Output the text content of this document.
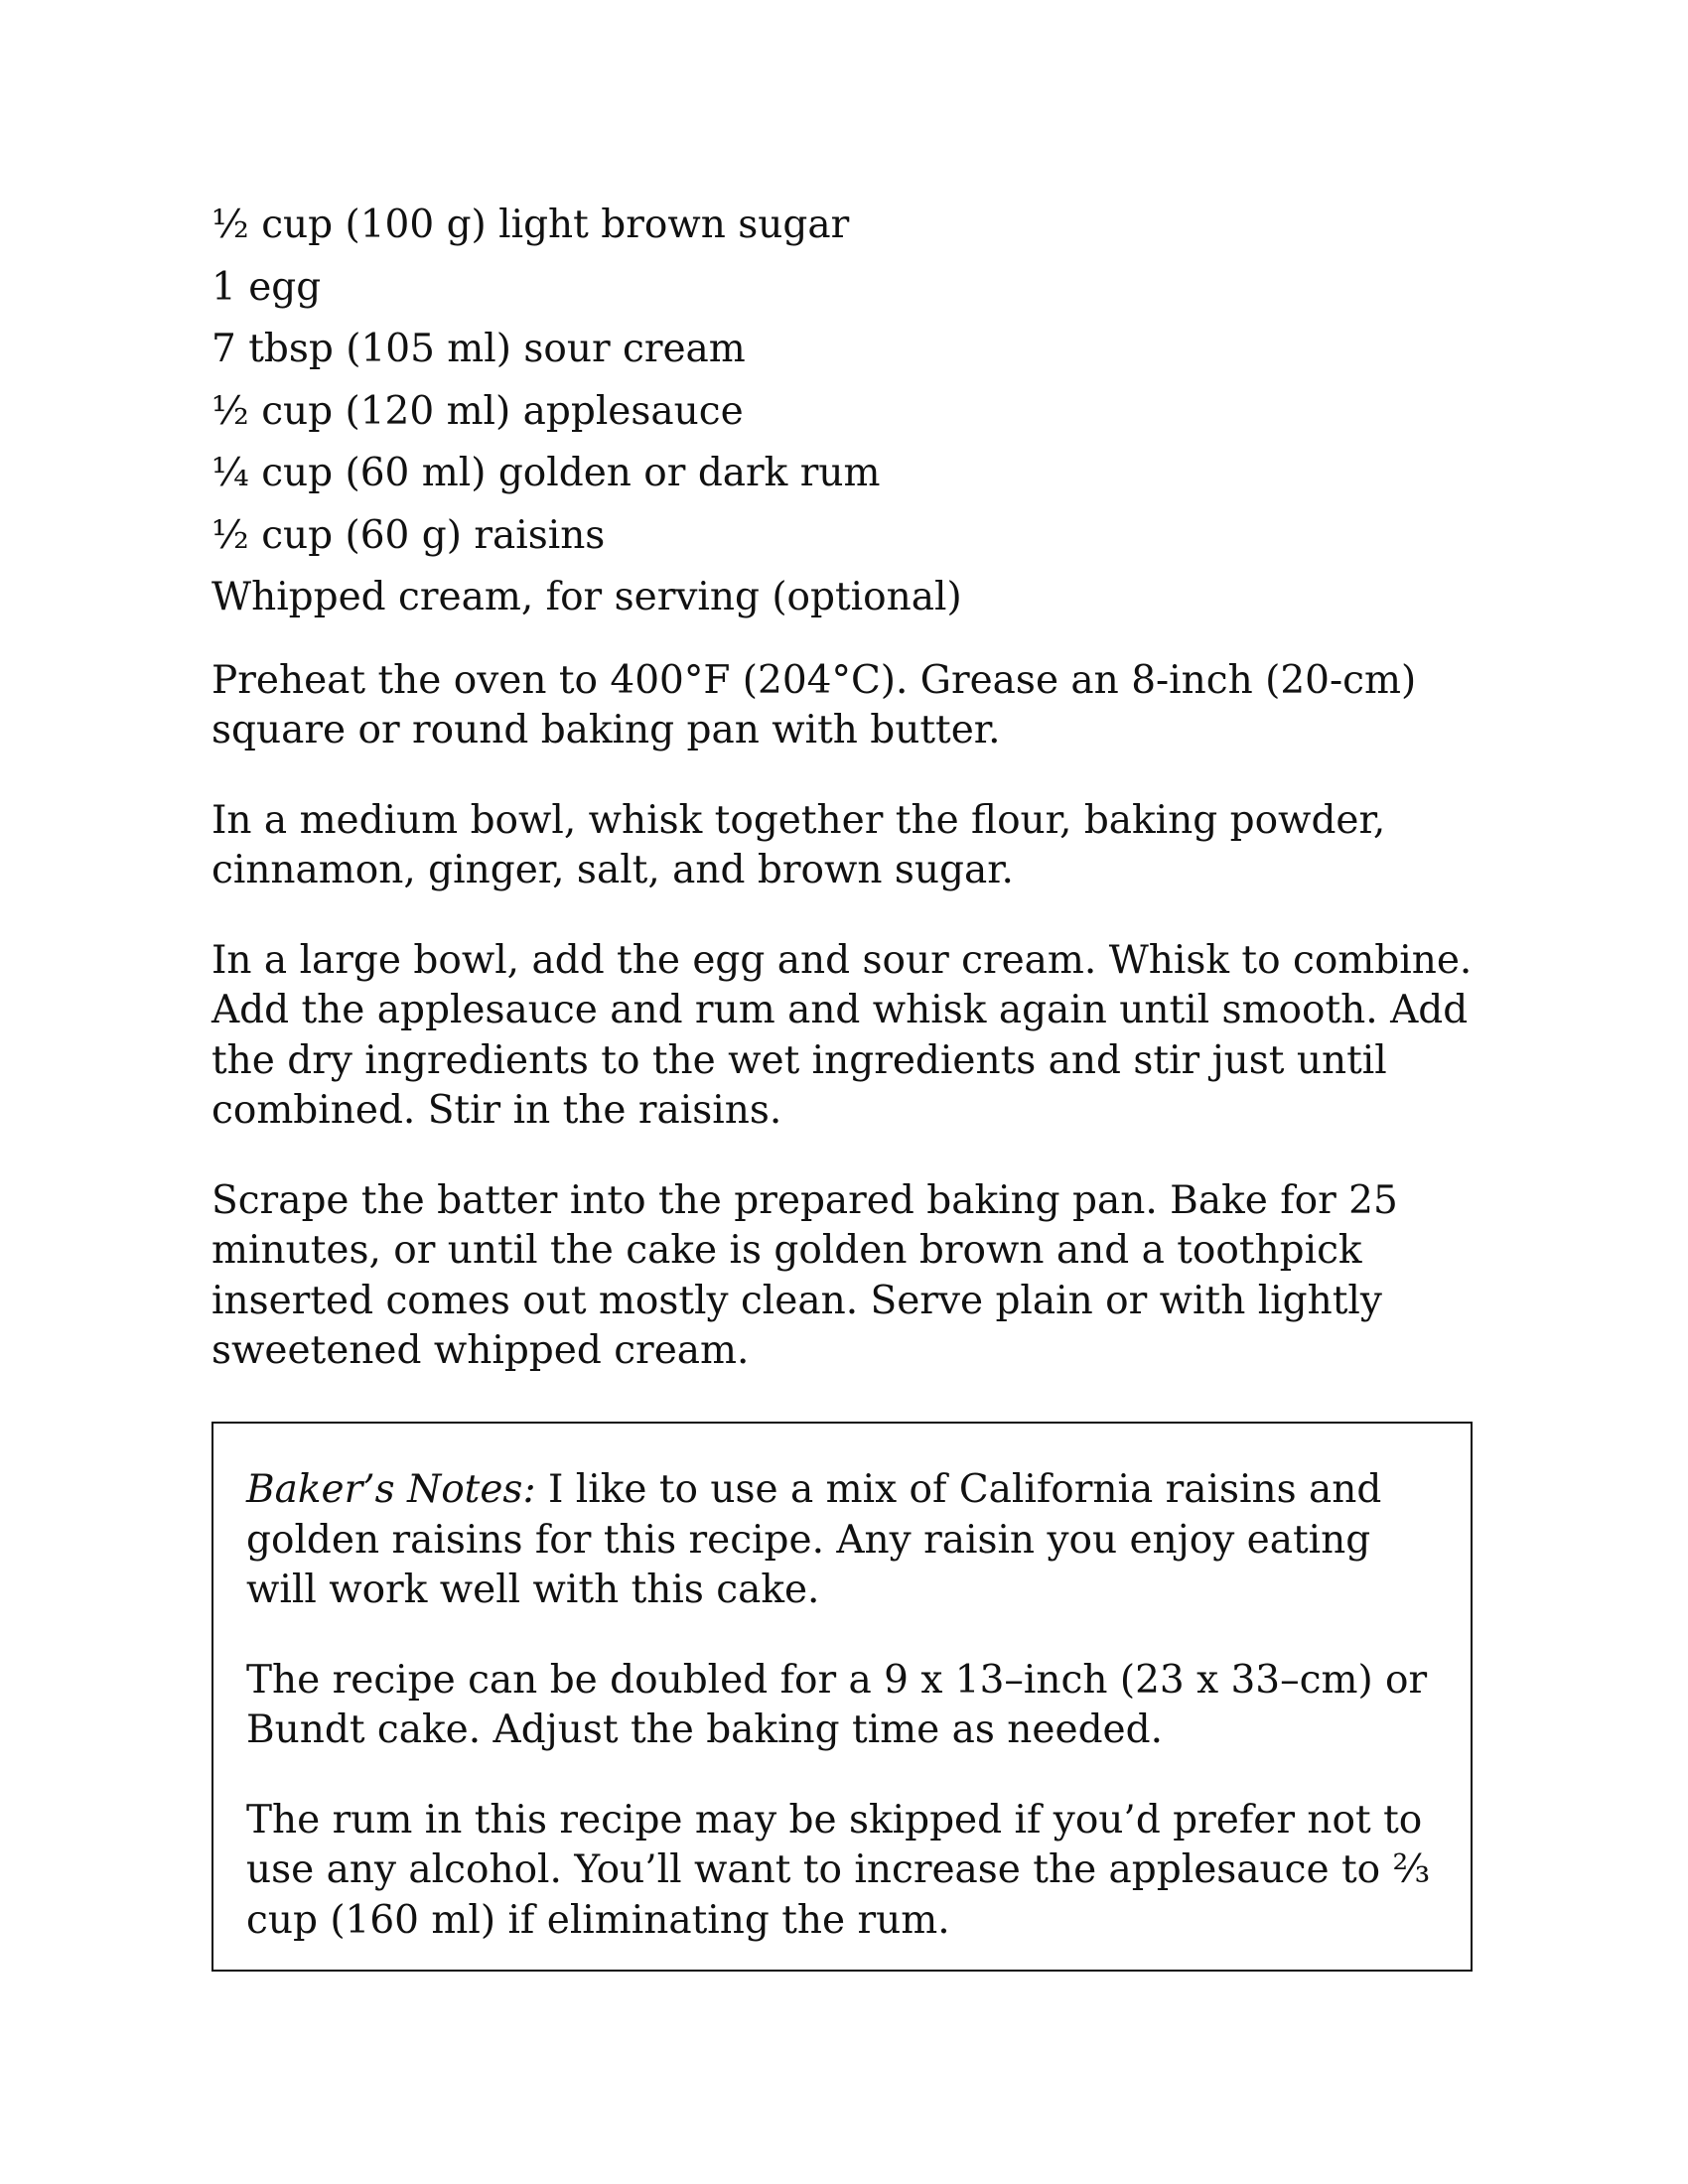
½ cup (100 g) light brown sugar
1 egg
7 tbsp (105 ml) sour cream
½ cup (120 ml) applesauce
¼ cup (60 ml) golden or dark rum
½ cup (60 g) raisins
Whipped cream, for serving (optional)

Preheat the oven to 400°F (204°C). Grease an 8-inch (20-cm) square or round baking pan with butter.

In a medium bowl, whisk together the flour, baking powder, cinnamon, ginger, salt, and brown sugar.

In a large bowl, add the egg and sour cream. Whisk to combine. Add the applesauce and rum and whisk again until smooth. Add the dry ingredients to the wet ingredients and stir just until combined. Stir in the raisins.

Scrape the batter into the prepared baking pan. Bake for 25 minutes, or until the cake is golden brown and a toothpick inserted comes out mostly clean. Serve plain or with lightly sweetened whipped cream.

Baker’s Notes: I like to use a mix of California raisins and golden raisins for this recipe. Any raisin you enjoy eating will work well with this cake.

The recipe can be doubled for a 9 x 13–inch (23 x 33–cm) or Bundt cake. Adjust the baking time as needed.

The rum in this recipe may be skipped if you’d prefer not to use any alcohol. You’ll want to increase the applesauce to ⅔ cup (160 ml) if eliminating the rum.
